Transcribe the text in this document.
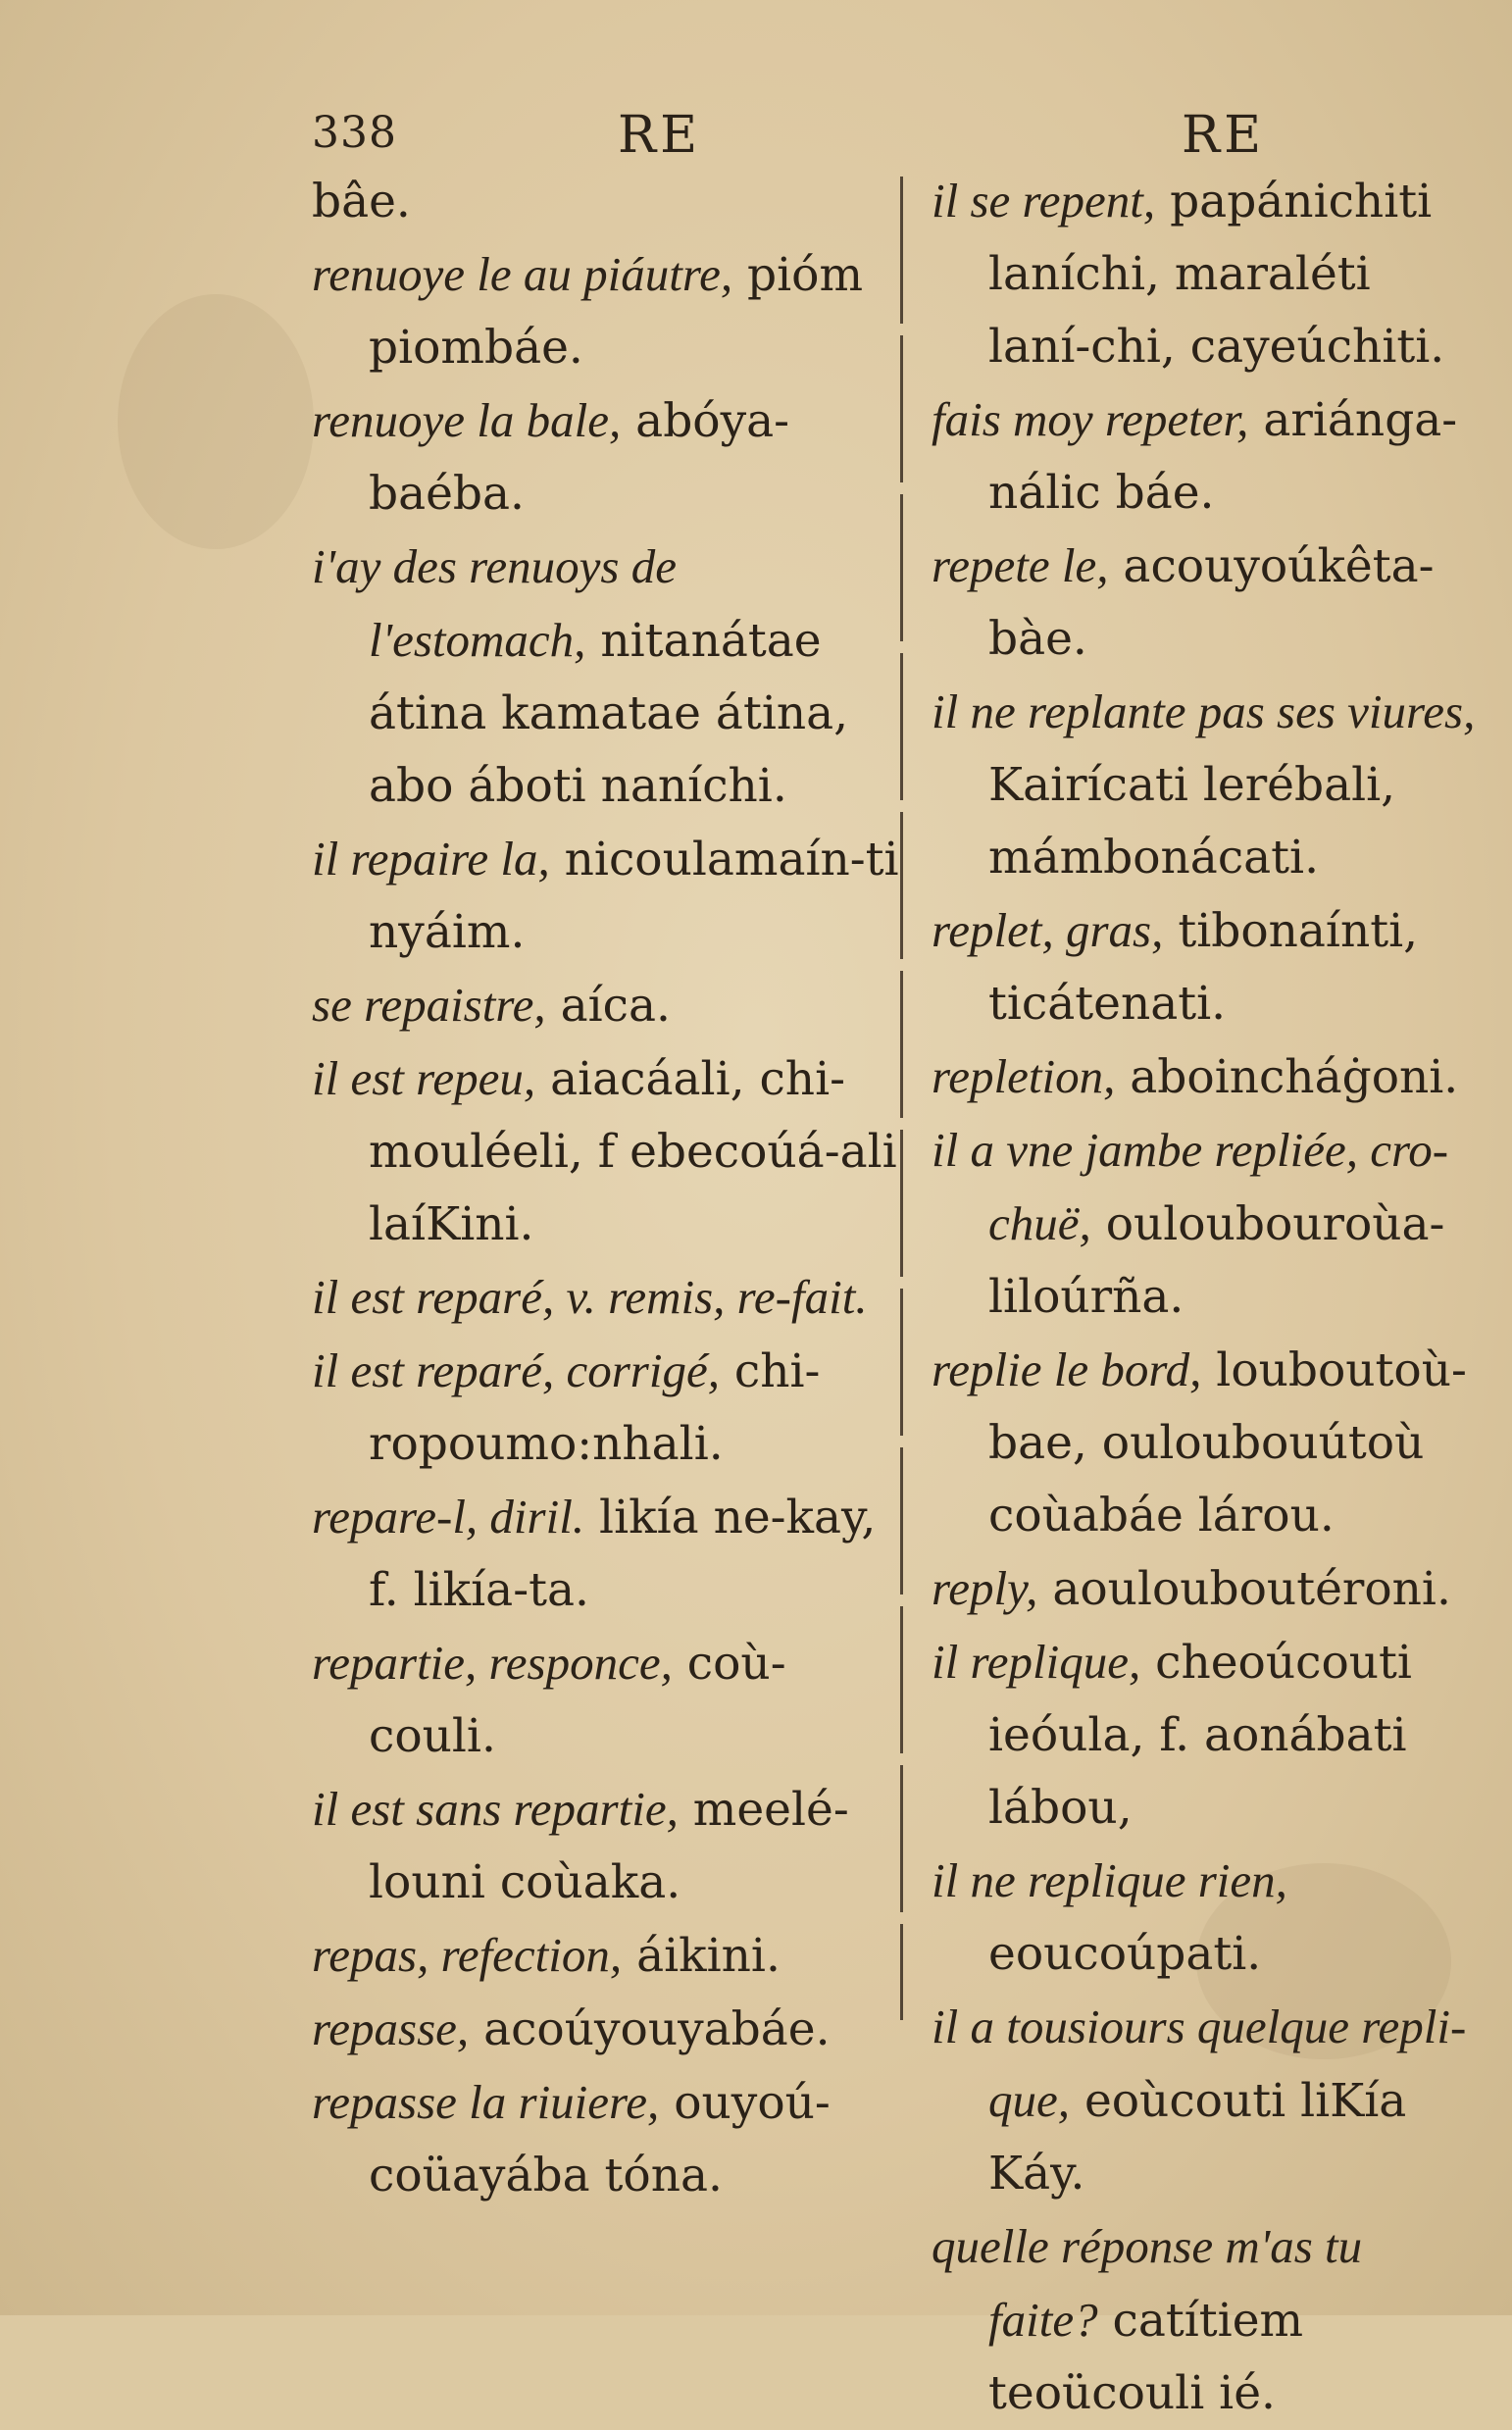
338	RE	RE

bâe.

renuoye le au piáutre, pióm piombáe.

renuoye la bale, abóya-baéba.

i'ay des renuoys de l'estomach, nitanátae átina kamatae átina, abo áboti naníchi.

il repaire la, nicoulamaín-ti nyáim.

se repaistre, aíca.

il est repeu, aiacáali, chi-mouléeli, f ebecoúá-ali laíKini.

il est reparé, v. remis, re-fait.

il est reparé, corrigé, chi-ropoumo:nhali.

repare-l, diril. likía ne-kay, f. likía-ta.

repartie, responce, coù-couli.

il est sans repartie, meelé-louni coùaka.

repas, refection, áikini.

repasse, acoúyouyabáe.

repasse la riuiere, ouyoú-coüayába tóna.

il se repent, papánichiti laníchi, maraléti laní-chi, cayeúchiti.

fais moy repeter, ariánga-nálic báe.

repete le, acouyoúkêta-bàe.

il ne replante pas ses viures, Kairícati lerébali, mámbonácati.

replet, gras, tibonaínti, ticátenati.

repletion, aboincháġoni.

il a vne jambe repliée, cro-chuë, ouloubouroùa-liloúrña.

replie le bord, louboutoù-bae, ouloubouútoù coùabáe lárou.

reply, aoulouboutéroni.

il replique, cheoúcouti ieóula, f. aonábati lábou,

il ne replique rien, eoucoúpati.

il a tousiours quelque repli-que, eoùcouti liKía Káy.

quelle réponse m'as tu faite? catítiem teoücouli ié.
